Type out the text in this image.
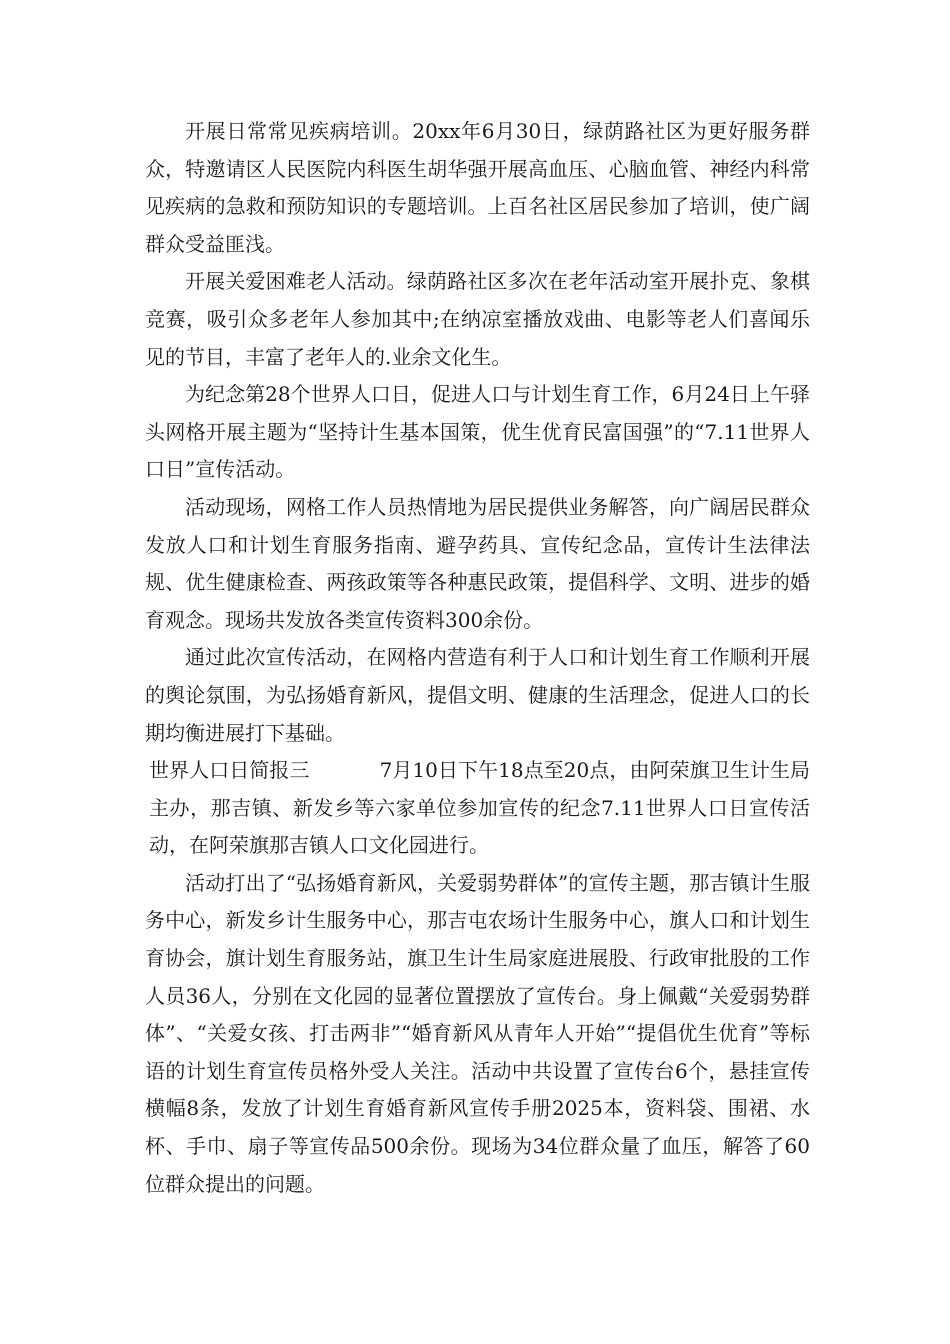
开展日常常见疾病培训。20xx年6月30日，绿荫路社区为更好服务群众，特邀请区人民医院内科医生胡华强开展高血压、心脑血管、神经内科常见疾病的急救和预防知识的专题培训。上百名社区居民参加了培训，使广阔群众受益匪浅。

开展关爱困难老人活动。绿荫路社区多次在老年活动室开展扑克、象棋竞赛，吸引众多老年人参加其中;在纳凉室播放戏曲、电影等老人们喜闻乐见的节目，丰富了老年人的.业余文化生。

为纪念第28个世界人口日，促进人口与计划生育工作，6月24日上午驿头网格开展主题为“坚持计生基本国策，优生优育民富国强”的“7.11世界人口日”宣传活动。

活动现场，网格工作人员热情地为居民提供业务解答，向广阔居民群众发放人口和计划生育服务指南、避孕药具、宣传纪念品，宣传计生法律法规、优生健康检查、两孩政策等各种惠民政策，提倡科学、文明、进步的婚育观念。现场共发放各类宣传资料300余份。

通过此次宣传活动，在网格内营造有利于人口和计划生育工作顺利开展的舆论氛围，为弘扬婚育新风，提倡文明、健康的生活理念，促进人口的长期均衡进展打下基础。

世界人口日简报三	7月10日下午18点至20点，由阿荣旗卫生计生局主办，那吉镇、新发乡等六家单位参加宣传的纪念7.11世界人口日宣传活动，在阿荣旗那吉镇人口文化园进行。

活动打出了“弘扬婚育新风，关爱弱势群体”的宣传主题，那吉镇计生服务中心，新发乡计生服务中心，那吉屯农场计生服务中心，旗人口和计划生育协会，旗计划生育服务站，旗卫生计生局家庭进展股、行政审批股的工作人员36人，分别在文化园的显著位置摆放了宣传台。身上佩戴“关爱弱势群体”、“关爱女孩、打击两非”“婚育新风从青年人开始”“提倡优生优育”等标语的计划生育宣传员格外受人关注。活动中共设置了宣传台6个，悬挂宣传横幅8条，发放了计划生育婚育新风宣传手册2025本，资料袋、围裙、水杯、手巾、扇子等宣传品500余份。现场为34位群众量了血压，解答了60位群众提出的问题。
